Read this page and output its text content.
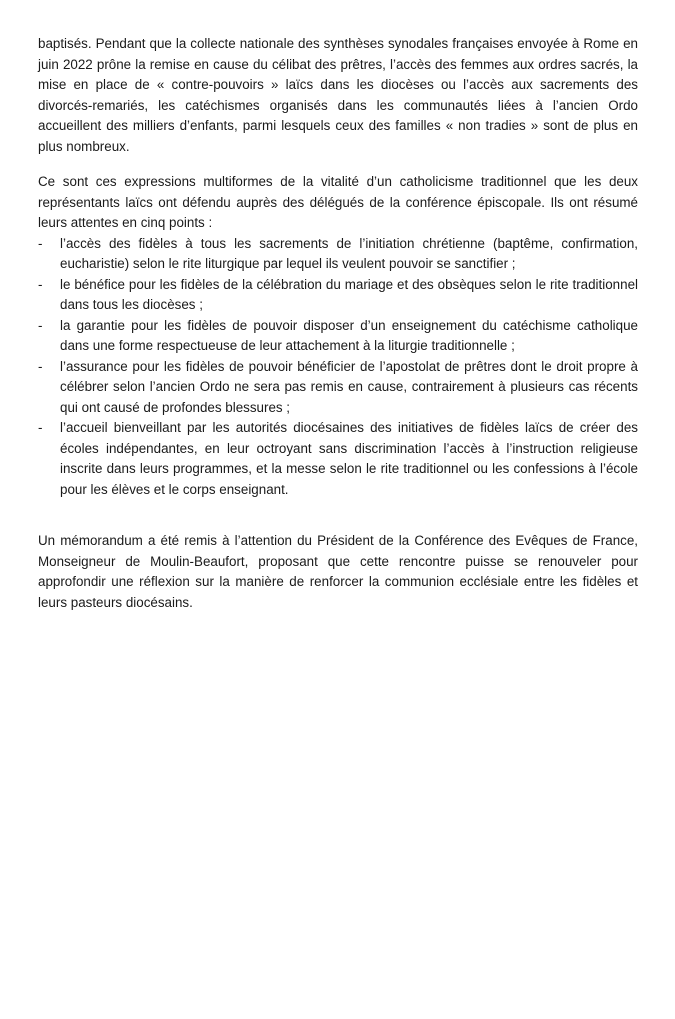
baptisés. Pendant que la collecte nationale des synthèses synodales françaises envoyée à Rome en juin 2022 prône la remise en cause du célibat des prêtres, l’accès des femmes aux ordres sacrés, la mise en place de « contre-pouvoirs » laïcs dans les diocèses ou l’accès aux sacrements des divorcés-remariés, les catéchismes organisés dans les communautés liées à l’ancien Ordo accueillent des milliers d’enfants, parmi lesquels ceux des familles « non tradies » sont de plus en plus nombreux.

Ce sont ces expressions multiformes de la vitalité d’un catholicisme traditionnel que les deux représentants laïcs ont défendu auprès des délégués de la conférence épiscopale. Ils ont résumé leurs attentes en cinq points :

- l’accès des fidèles à tous les sacrements de l’initiation chrétienne (baptême, confirmation, eucharistie) selon le rite liturgique par lequel ils veulent pouvoir se sanctifier ;
- le bénéfice pour les fidèles de la célébration du mariage et des obsèques selon le rite traditionnel dans tous les diocèses ;
- la garantie pour les fidèles de pouvoir disposer d’un enseignement du catéchisme catholique dans une forme respectueuse de leur attachement à la liturgie traditionnelle ;
- l’assurance pour les fidèles de pouvoir bénéficier de l’apostolat de prêtres dont le droit propre à célébrer selon l’ancien Ordo ne sera pas remis en cause, contrairement à plusieurs cas récents qui ont causé de profondes blessures ;
- l’accueil bienveillant par les autorités diocésaines des initiatives de fidèles laïcs de créer des écoles indépendantes, en leur octroyant sans discrimination l’accès à l’instruction religieuse inscrite dans leurs programmes, et la messe selon le rite traditionnel ou les confessions à l’école pour les élèves et le corps enseignant.

Un mémorandum a été remis à l’attention du Président de la Conférence des Evêques de France, Monseigneur de Moulin-Beaufort, proposant que cette rencontre puisse se renouveler pour approfondir une réflexion sur la manière de renforcer la communion ecclésiale entre les fidèles et leurs pasteurs diocésains.
